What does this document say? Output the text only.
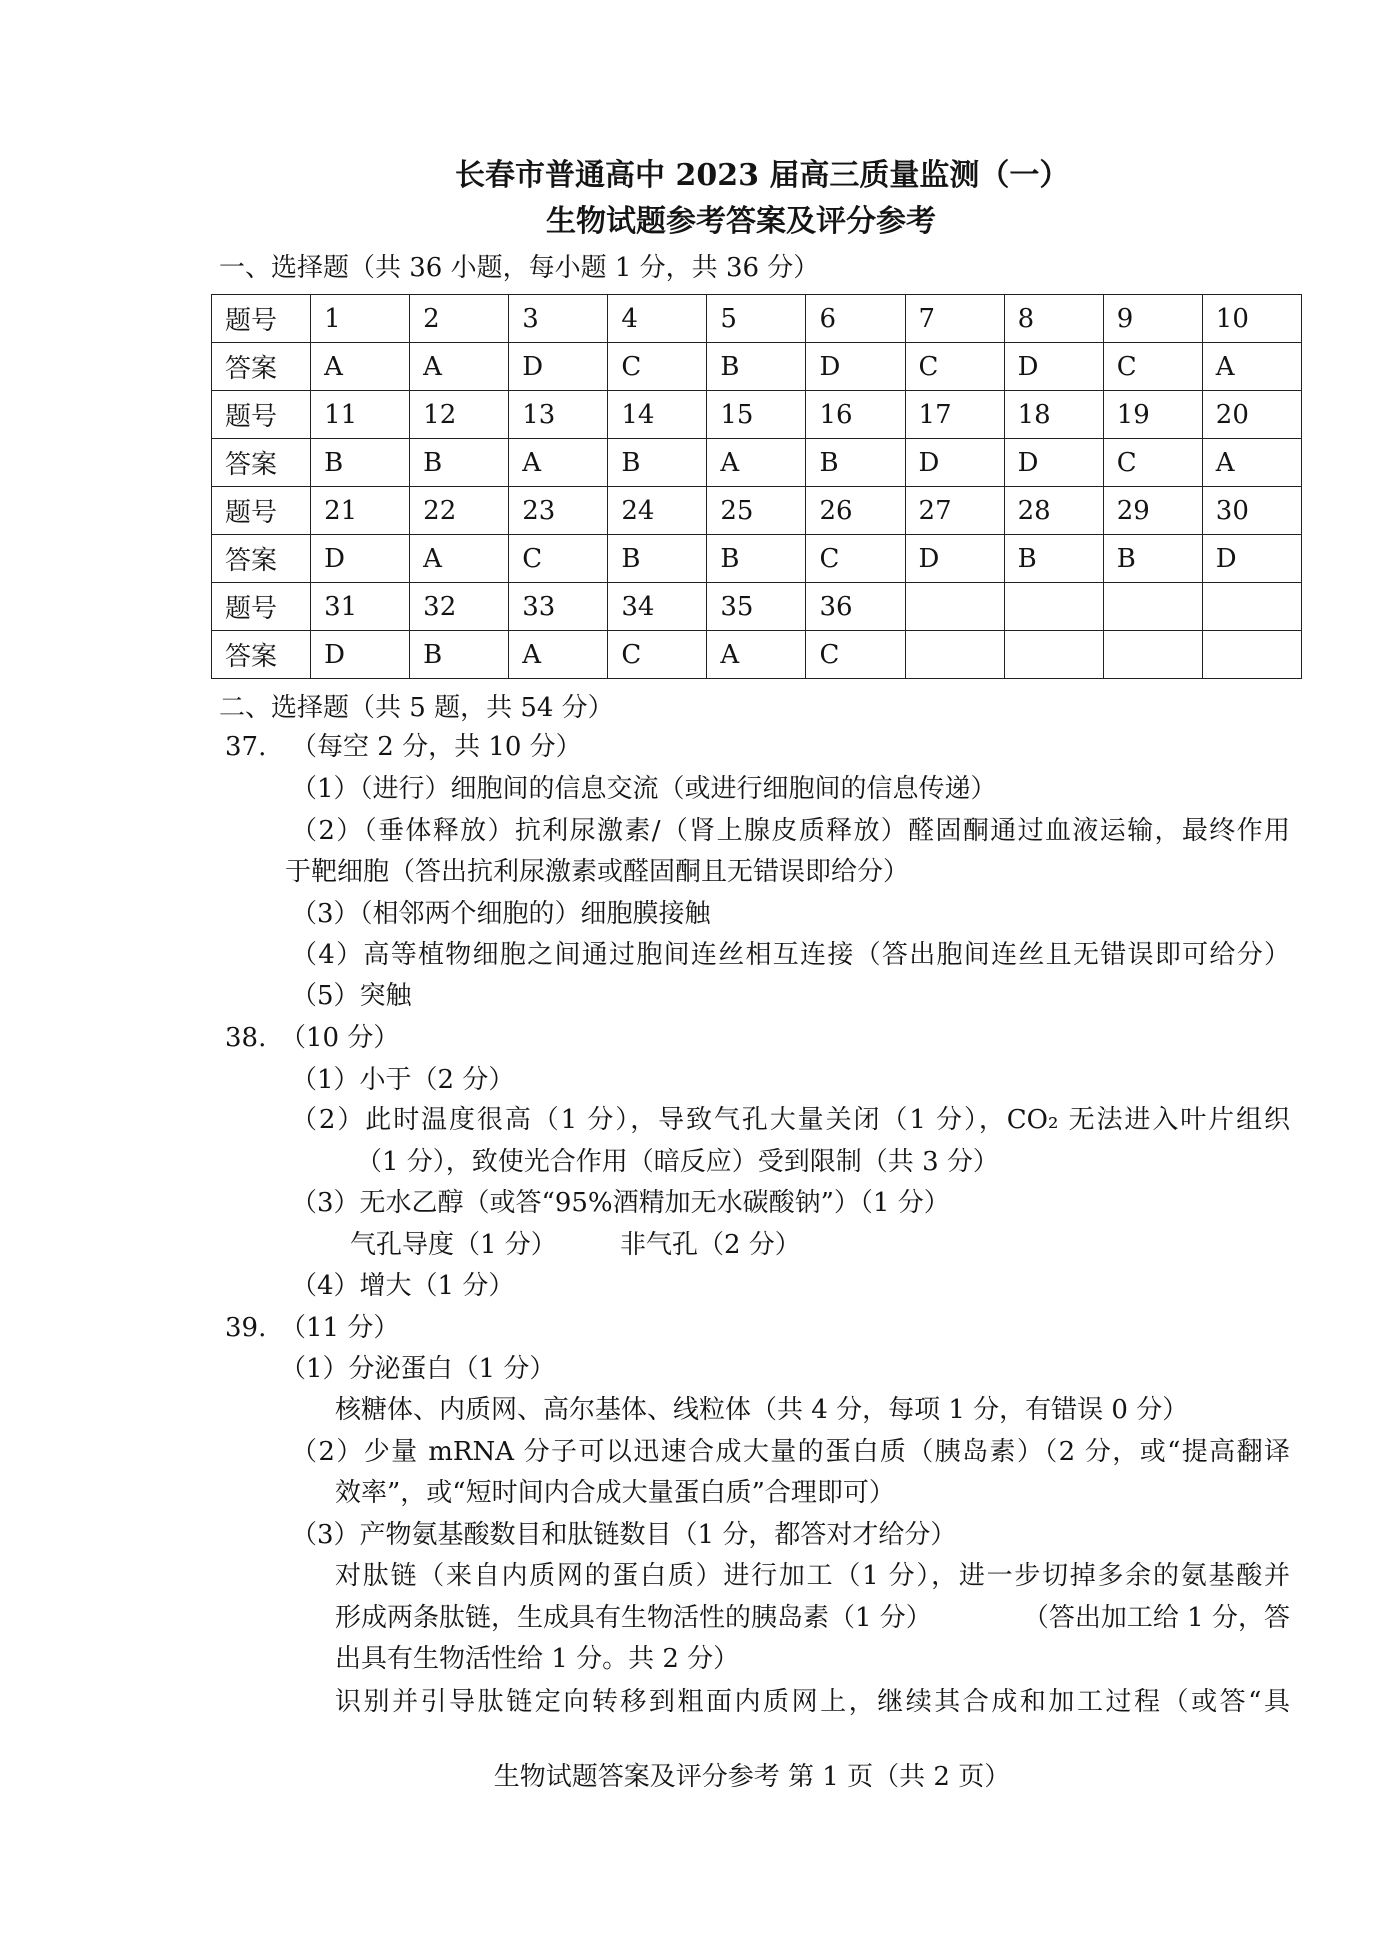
长春市普通高中 2023 届高三质量监测（一）
生物试题参考答案及评分参考
一、选择题（共 36 小题，每小题 1 分，共 36 分）
题号	1	2	3	4	5	6	7	8	9	10
答案	A	A	D	C	B	D	C	D	C	A
题号	11	12	13	14	15	16	17	18	19	20
答案	B	B	A	B	A	B	D	D	C	A
题号	21	22	23	24	25	26	27	28	29	30
答案	D	A	C	B	B	C	D	B	B	D
题号	31	32	33	34	35	36				
答案	D	B	A	C	A	C				
二、选择题（共 5 题，共 54 分）
37. （每空 2 分，共 10 分）
（1）（进行）细胞间的信息交流（或进行细胞间的信息传递）
（2）（垂体释放）抗利尿激素/（肾上腺皮质释放）醛固酮通过血液运输，最终作用
于靶细胞（答出抗利尿激素或醛固酮且无错误即给分）
（3）（相邻两个细胞的）细胞膜接触
（4）高等植物细胞之间通过胞间连丝相互连接（答出胞间连丝且无错误即可给分）
（5）突触
38. （10 分）
（1）小于（2 分）
（2）此时温度很高（1 分），导致气孔大量关闭（1 分），CO₂ 无法进入叶片组织
（1 分），致使光合作用（暗反应）受到限制（共 3 分）
（3）无水乙醇（或答“95%酒精加无水碳酸钠”）（1 分）
气孔导度（1 分） 非气孔（2 分）
（4）增大（1 分）
39. （11 分）
（1）分泌蛋白（1 分）
核糖体、内质网、高尔基体、线粒体（共 4 分，每项 1 分，有错误 0 分）
（2）少量 mRNA 分子可以迅速合成大量的蛋白质（胰岛素）（2 分，或“提高翻译
效率”，或“短时间内合成大量蛋白质”合理即可）
（3）产物氨基酸数目和肽链数目（1 分，都答对才给分）
对肽链（来自内质网的蛋白质）进行加工（1 分），进一步切掉多余的氨基酸并
形成两条肽链，生成具有生物活性的胰岛素（1 分）	（答出加工给 1 分，答
出具有生物活性给 1 分。共 2 分）
识别并引导肽链定向转移到粗面内质网上，继续其合成和加工过程（或答“具
生物试题答案及评分参考 第 1 页（共 2 页）
